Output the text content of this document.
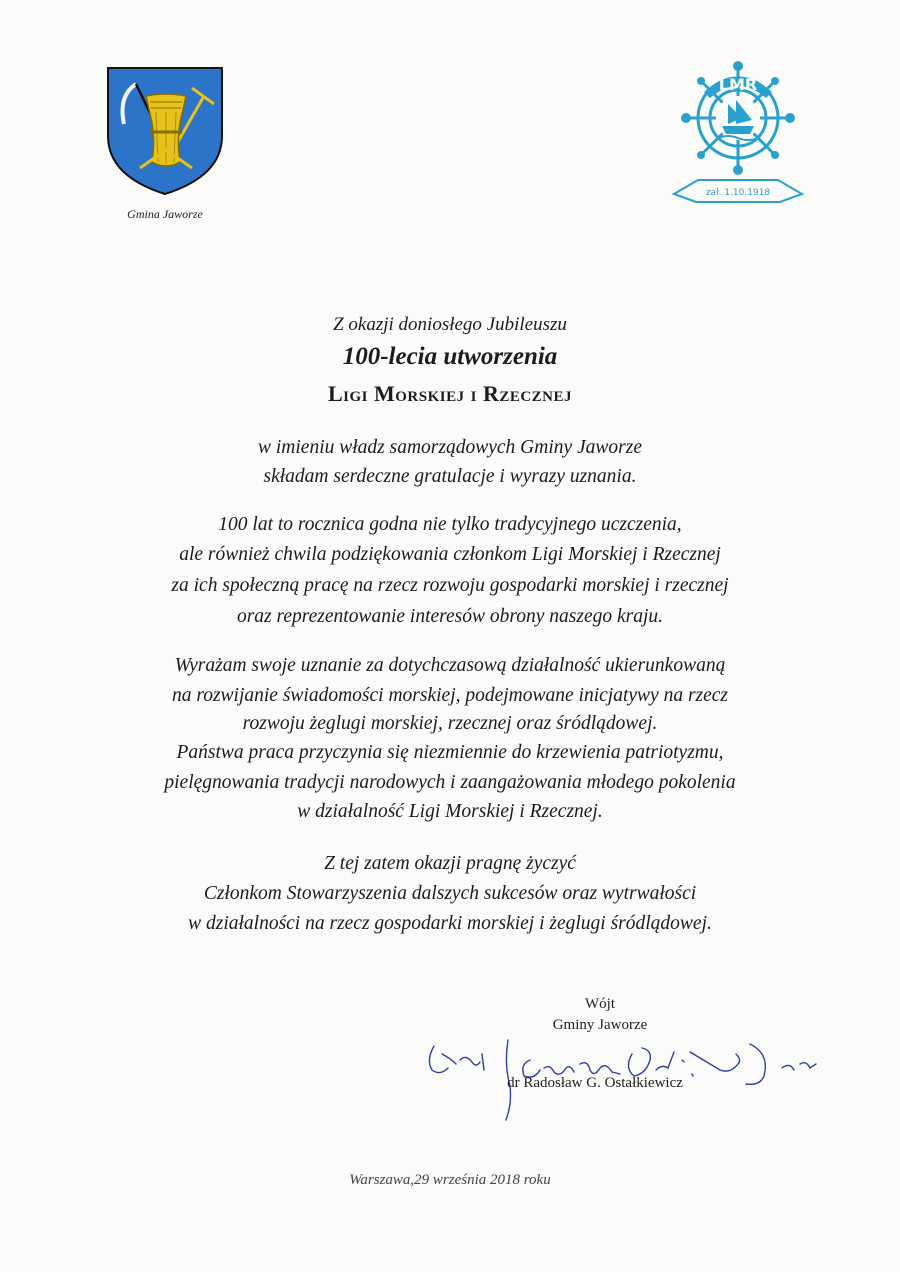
Gmina Jaworze
LMR
zał. 1.10.1918
Z okazji doniosłego Jubileuszu
100-lecia utworzenia
Ligi Morskiej i Rzecznej
w imieniu władz samorządowych Gminy Jaworze
składam serdeczne gratulacje i wyrazy uznania.
100 lat to rocznica godna nie tylko tradycyjnego uczczenia,
ale również chwila podziękowania członkom Ligi Morskiej i Rzecznej
za ich społeczną pracę na rzecz rozwoju gospodarki morskiej i rzecznej
oraz reprezentowanie interesów obrony naszego kraju.
Wyrażam swoje uznanie za dotychczasową działalność ukierunkowaną
na rozwijanie świadomości morskiej, podejmowane inicjatywy na rzecz
rozwoju żeglugi morskiej, rzecznej oraz śródlądowej.
Państwa praca przyczynia się niezmiennie do krzewienia patriotyzmu,
pielęgnowania tradycji narodowych i zaangażowania młodego pokolenia
w działalność Ligi Morskiej i Rzecznej.
Z tej zatem okazji pragnę życzyć
Członkom Stowarzyszenia dalszych sukcesów oraz wytrwałości
w działalności na rzecz gospodarki morskiej i żeglugi śródlądowej.
Wójt
Gminy Jaworze
dr Radosław G. Ostałkiewicz
Warszawa,29 września 2018 roku
